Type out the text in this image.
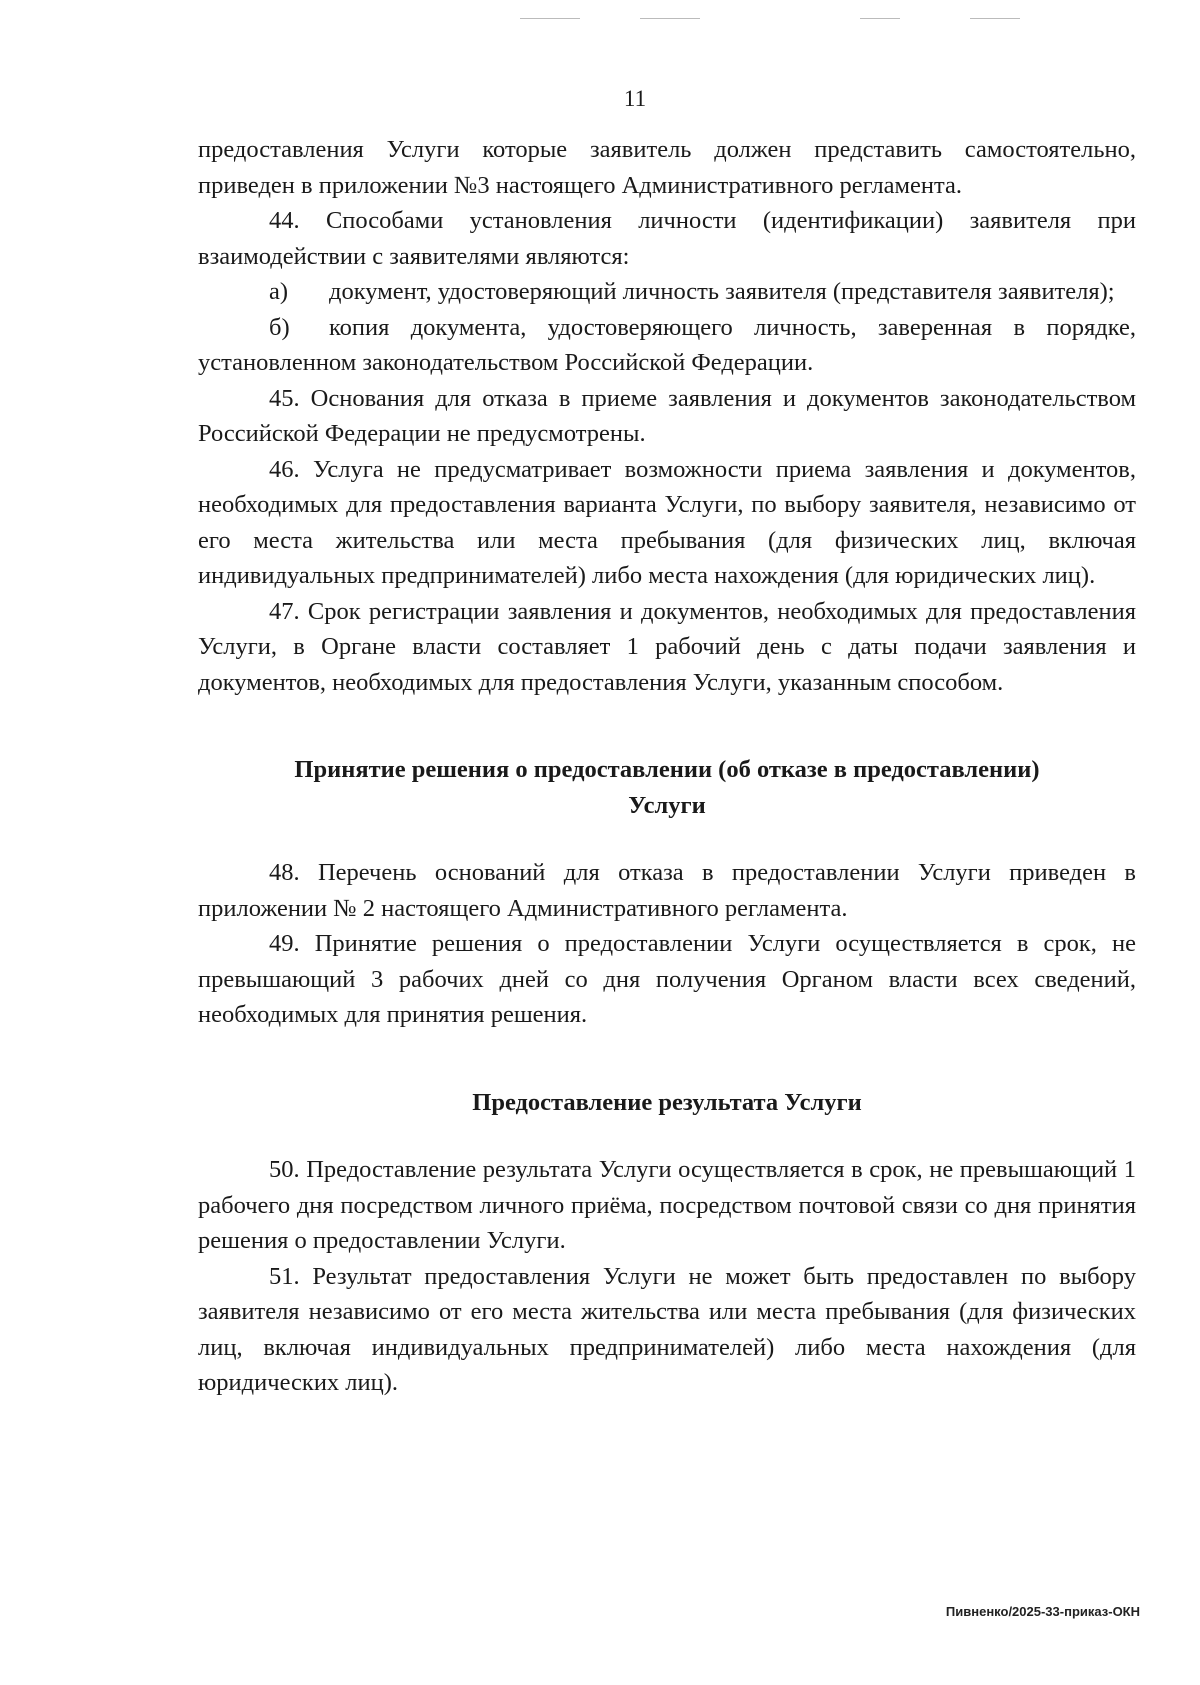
11

предоставления Услуги которые заявитель должен представить самостоятельно, приведен в приложении №3 настоящего Административного регламента.

44. Способами установления личности (идентификации) заявителя при взаимодействии с заявителями являются:

а) документ, удостоверяющий личность заявителя (представителя заявителя);

б) копия документа, удостоверяющего личность, заверенная в порядке, установленном законодательством Российской Федерации.

45. Основания для отказа в приеме заявления и документов законодательством Российской Федерации не предусмотрены.

46. Услуга не предусматривает возможности приема заявления и документов, необходимых для предоставления варианта Услуги, по выбору заявителя, независимо от его места жительства или места пребывания (для физических лиц, включая индивидуальных предпринимателей) либо места нахождения (для юридических лиц).

47. Срок регистрации заявления и документов, необходимых для предоставления Услуги, в Органе власти составляет 1 рабочий день с даты подачи заявления и документов, необходимых для предоставления Услуги, указанным способом.

Принятие решения о предоставлении (об отказе в предоставлении)
Услуги

48. Перечень оснований для отказа в предоставлении Услуги приведен в приложении № 2 настоящего Административного регламента.

49. Принятие решения о предоставлении Услуги осуществляется в срок, не превышающий 3 рабочих дней со дня получения Органом власти всех сведений, необходимых для принятия решения.

Предоставление результата Услуги

50. Предоставление результата Услуги осуществляется в срок, не превышающий 1 рабочего дня посредством личного приёма, посредством почтовой связи со дня принятия решения о предоставлении Услуги.

51. Результат предоставления Услуги не может быть предоставлен по выбору заявителя независимо от его места жительства или места пребывания (для физических лиц, включая индивидуальных предпринимателей) либо места нахождения (для юридических лиц).

Пивненко/2025-33-приказ-ОКН
